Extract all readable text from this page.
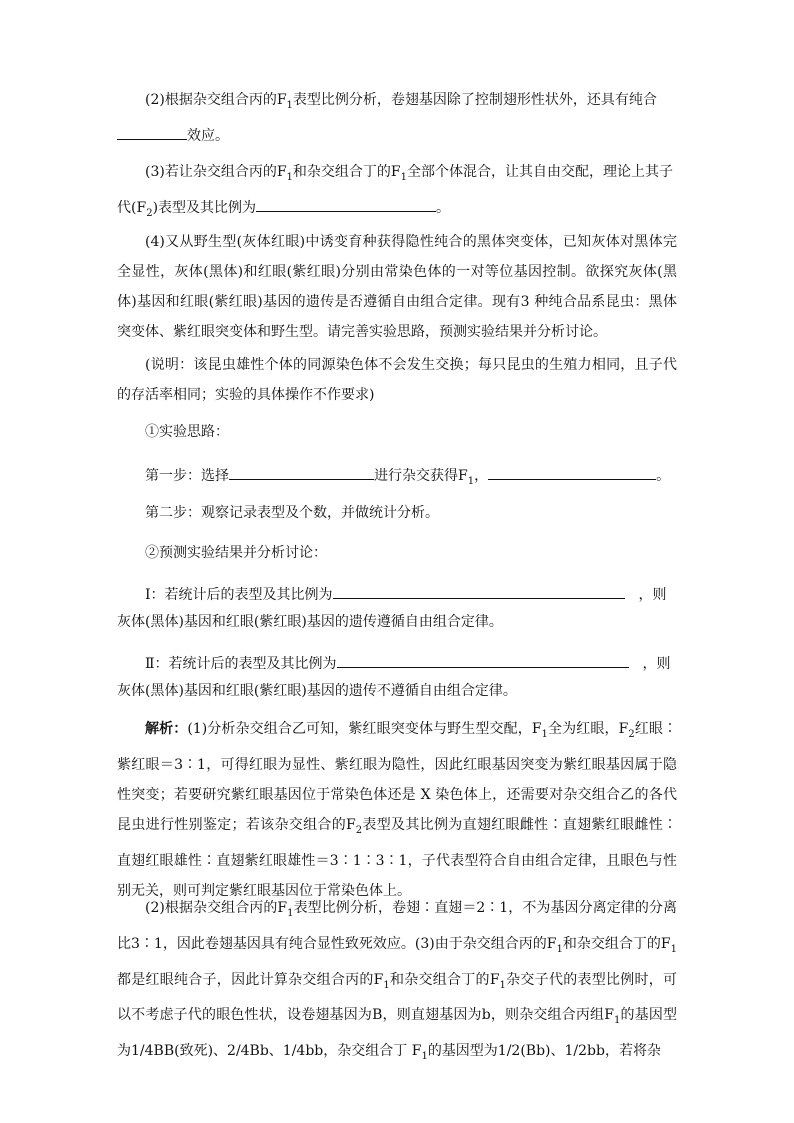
(2)根据杂交组合丙的$F_1$表型比例分析，卷翅基因除了控制翅形性状外，还具有纯合
效应。

(3)若让杂交组合丙的$F_1$和杂交组合丁的$F_1$全部个体混合，让其自由交配，理论上其子
代$(F_2)$表型及其比例为	。

(4)又从野生型(灰体红眼)中诱变育种获得隐性纯合的黑体突变体，已知灰体对黑体完全显性，灰体(黑体)和红眼(紫红眼)分别由常染色体的一对等位基因控制。欲探究灰体(黑体)基因和红眼(紫红眼)基因的遗传是否遵循自由组合定律。现有3 种纯合品系昆虫：黑体突变体、紫红眼突变体和野生型。请完善实验思路，预测实验结果并分析讨论。

(说明：该昆虫雄性个体的同源染色体不会发生交换；每只昆虫的生殖力相同，且子代的存活率相同；实验的具体操作不作要求)

①实验思路：

第一步：选择	进行杂交获得$F_1$，	。

第二步：观察记录表型及个数，并做统计分析。

②预测实验结果并分析讨论：

Ⅰ：若统计后的表型及其比例为	，则

灰体(黑体)基因和红眼(紫红眼)基因的遗传遵循自由组合定律。

Ⅱ：若统计后的表型及其比例为	，则

灰体(黑体)基因和红眼(紫红眼)基因的遗传不遵循自由组合定律。

解析：(1)分析杂交组合乙可知，紫红眼突变体与野生型交配，$F_1$全为红眼，$F_2$红眼∶紫红眼＝3∶1，可得红眼为显性、紫红眼为隐性，因此红眼基因突变为紫红眼基因属于隐性突变；若要研究紫红眼基因位于常染色体还是 X 染色体上，还需要对杂交组合乙的各代昆虫进行性别鉴定；若该杂交组合的$F_2$表型及其比例为直翅红眼雌性∶直翅紫红眼雌性∶直翅红眼雄性∶直翅紫红眼雄性＝3∶1∶3∶1，子代表型符合自由组合定律，且眼色与性别无关，则可判定紫红眼基因位于常染色体上。

(2)根据杂交组合丙的$F_1$表型比例分析，卷翅∶直翅＝2∶1，不为基因分离定律的分离比3∶1，因此卷翅基因具有纯合显性致死效应。(3)由于杂交组合丙的$F_1$和杂交组合丁的$F_1$都是红眼纯合子，因此计算杂交组合丙的$F_1$和杂交组合丁的$F_1$杂交子代的表型比例时，可以不考虑子代的眼色性状，设卷翅基因为B，则直翅基因为b，则杂交组合丙组$F_1$的基因型为1/4BB(致死)、2/4Bb、1/4bb，杂交组合丁 $F_1$的基因型为1/2(Bb)、1/2bb，若将杂
